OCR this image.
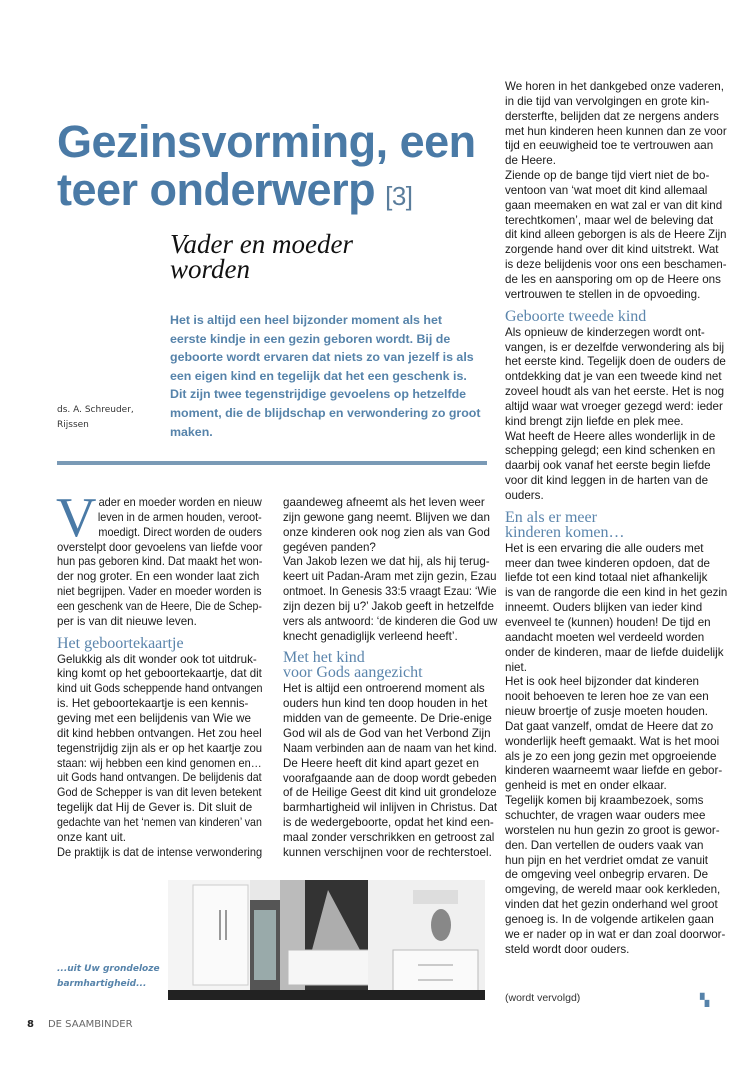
Gezinsvorming, een
teer onderwerp [3]
Vader en moeder
worden
Het is altijd een heel bijzonder moment als het
eerste kindje in een gezin geboren wordt. Bij de
geboorte wordt ervaren dat niets zo van jezelf is als
een eigen kind en tegelijk dat het een geschenk is.
Dit zijn twee tegenstrijdige gevoelens op hetzelfde
moment, die de blijdschap en verwondering zo groot
maken.
ds. A. Schreuder,
Rijssen
V ader en moeder worden en nieuw
leven in de armen houden, veroot-
moedigt. Direct worden de ouders
overstelpt door gevoelens van liefde voor
hun pas geboren kind. Dat maakt het won-
der nog groter. En een wonder laat zich
niet begrijpen. Vader en moeder worden is
een geschenk van de Heere, Die de Schep-
per is van dit nieuwe leven.
Het geboortekaartje
Gelukkig als dit wonder ook tot uitdruk-
king komt op het geboortekaartje, dat dit
kind uit Gods scheppende hand ontvangen
is. Het geboortekaartje is een kennis-
geving met een belijdenis van Wie we
dit kind hebben ontvangen. Het zou heel
tegenstrijdig zijn als er op het kaartje zou
staan: wij hebben een kind genomen en…
uit Gods hand ontvangen. De belijdenis dat
God de Schepper is van dit leven betekent
tegelijk dat Hij de Gever is. Dit sluit de
gedachte van het ‘nemen van kinderen’ van
onze kant uit.
De praktijk is dat de intense verwondering
gaandeweg afneemt als het leven weer
zijn gewone gang neemt. Blijven we dan
onze kinderen ook nog zien als van God
gegéven panden?
Van Jakob lezen we dat hij, als hij terug-
keert uit Padan-Aram met zijn gezin, Ezau
ontmoet. In Genesis 33:5 vraagt Ezau: ‘Wie
zijn dezen bij u?’ Jakob geeft in hetzelfde
vers als antwoord: ‘de kinderen die God uw
knecht genadiglijk verleend heeft’.
Met het kind
voor Gods aangezicht
Het is altijd een ontroerend moment als
ouders hun kind ten doop houden in het
midden van de gemeente. De Drie-enige
God wil als de God van het Verbond Zijn
Naam verbinden aan de naam van het kind.
De Heere heeft dit kind apart gezet en
voorafgaande aan de doop wordt gebeden
of de Heilige Geest dit kind uit grondeloze
barmhartigheid wil inlijven in Christus. Dat
is de wedergeboorte, opdat het kind een-
maal zonder verschrikken en getroost zal
kunnen verschijnen voor de rechterstoel.
We horen in het dankgebed onze vaderen,
in die tijd van vervolgingen en grote kin-
dersterfte, belijden dat ze nergens anders
met hun kinderen heen kunnen dan ze voor
tijd en eeuwigheid toe te vertrouwen aan
de Heere.
Ziende op de bange tijd viert niet de bo-
ventoon van ‘wat moet dit kind allemaal
gaan meemaken en wat zal er van dit kind
terechtkomen’, maar wel de beleving dat
dit kind alleen geborgen is als de Heere Zijn
zorgende hand over dit kind uitstrekt. Wat
is deze belijdenis voor ons een beschamen-
de les en aansporing om op de Heere ons
vertrouwen te stellen in de opvoeding.
Geboorte tweede kind
Als opnieuw de kinderzegen wordt ont-
vangen, is er dezelfde verwondering als bij
het eerste kind. Tegelijk doen de ouders de
ontdekking dat je van een tweede kind net
zoveel houdt als van het eerste. Het is nog
altijd waar wat vroeger gezegd werd: ieder
kind brengt zijn liefde en plek mee.
Wat heeft de Heere alles wonderlijk in de
schepping gelegd; een kind schenken en
daarbij ook vanaf het eerste begin liefde
voor dit kind leggen in de harten van de
ouders.
En als er meer
kinderen komen…
Het is een ervaring die alle ouders met
meer dan twee kinderen opdoen, dat de
liefde tot een kind totaal niet afhankelijk
is van de rangorde die een kind in het gezin
inneemt. Ouders blijken van ieder kind
evenveel te (kunnen) houden! De tijd en
aandacht moeten wel verdeeld worden
onder de kinderen, maar de liefde duidelijk
niet.
Het is ook heel bijzonder dat kinderen
nooit behoeven te leren hoe ze van een
nieuw broertje of zusje moeten houden.
Dat gaat vanzelf, omdat de Heere dat zo
wonderlijk heeft gemaakt. Wat is het mooi
als je zo een jong gezin met opgroeiende
kinderen waarneemt waar liefde en gebor-
genheid is met en onder elkaar.
Tegelijk komen bij kraambezoek, soms
schuchter, de vragen waar ouders mee
worstelen nu hun gezin zo groot is gewor-
den. Dan vertellen de ouders vaak van
hun pijn en het verdriet omdat ze vanuit
de omgeving veel onbegrip ervaren. De
omgeving, de wereld maar ook kerkleden,
vinden dat het gezin onderhand wel groot
genoeg is. In de volgende artikelen gaan
we er nader op in wat er dan zoal doorwor-
steld wordt door ouders.
...uit Uw grondeloze
barmhartigheid...
(wordt vervolgd)	▚
8 DE SAAMBINDER
